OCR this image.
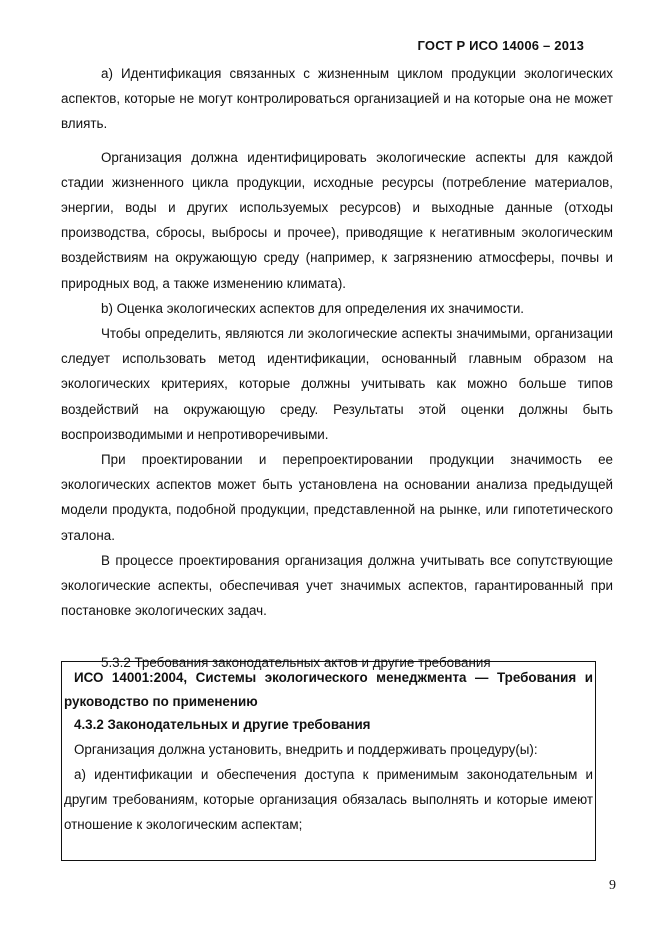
ГОСТ Р ИСО 14006 – 2013

а) Идентификация связанных с жизненным циклом продукции экологических аспектов, которые не могут контролироваться организацией и на которые она не может влиять.

Организация должна идентифицировать экологические аспекты для каждой стадии жизненного цикла продукции, исходные ресурсы (потребление материалов, энергии, воды и других используемых ресурсов) и выходные данные (отходы производства, сбросы, выбросы и прочее), приводящие к негативным экологическим воздействиям на окружающую среду (например, к загрязнению атмосферы, почвы и природных вод, а также изменению климата).

b) Оценка экологических аспектов для определения их значимости.

Чтобы определить, являются ли экологические аспекты значимыми, организации следует использовать метод идентификации, основанный главным образом на экологических критериях, которые должны учитывать как можно больше типов воздействий на окружающую среду. Результаты этой оценки должны быть воспроизводимыми и непротиворечивыми.

При проектировании и перепроектировании продукции значимость ее экологических аспектов может быть установлена на основании анализа предыдущей модели продукта, подобной продукции, представленной на рынке, или гипотетического эталона.

В процессе проектирования организация должна учитывать все сопутствующие экологические аспекты, обеспечивая учет значимых аспектов, гарантированный при постановке экологических задач.

5.3.2 Требования законодательных актов и другие требования

ИСО 14001:2004, Системы экологического менеджмента — Требования и руководство по применению

4.3.2 Законодательных и другие требования

Организация должна установить, внедрить и поддерживать процедуру(ы):

а) идентификации и обеспечения доступа к применимым законодательным и другим требованиям, которые организация обязалась выполнять и которые имеют отношение к экологическим аспектам;

9
